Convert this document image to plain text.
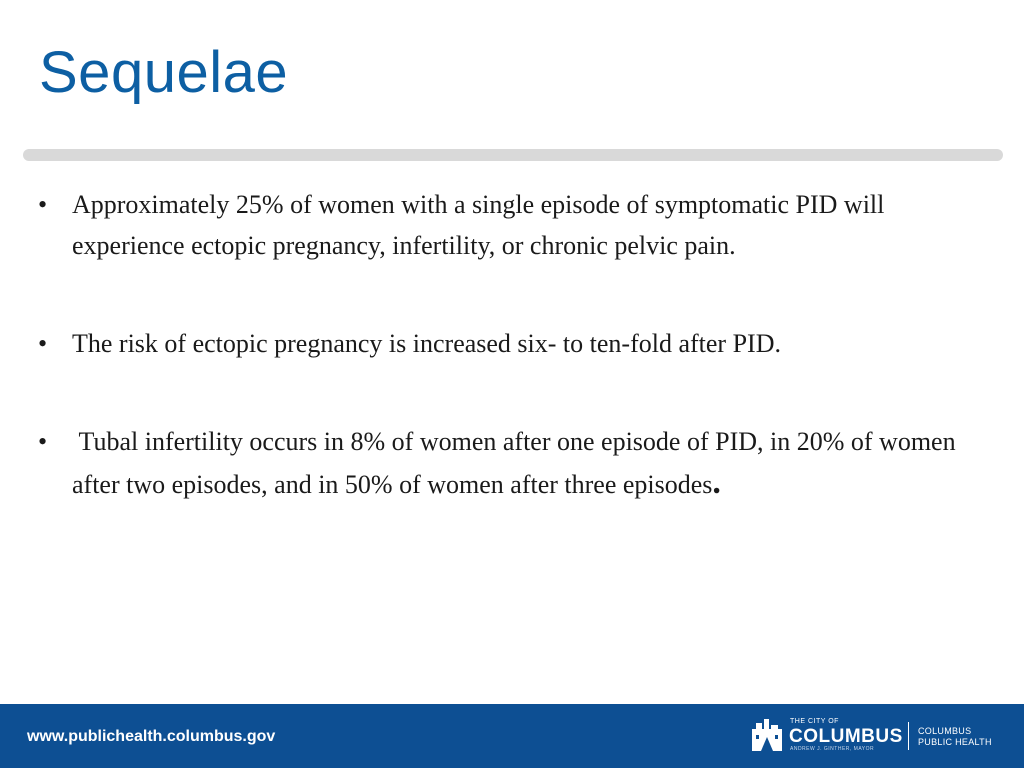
Sequelae
• Approximately 25% of women with a single episode of symptomatic PID will experience ectopic pregnancy, infertility, or chronic pelvic pain.
• The risk of ectopic pregnancy is increased six- to ten-fold after PID.
• Tubal infertility occurs in 8% of women after one episode of PID, in 20% of women after two episodes, and in 50% of women after three episodes.
www.publichealth.columbus.gov
THE CITY OF
COLUMBUS
ANDREW J. GINTHER, MAYOR
COLUMBUS
PUBLIC HEALTH
